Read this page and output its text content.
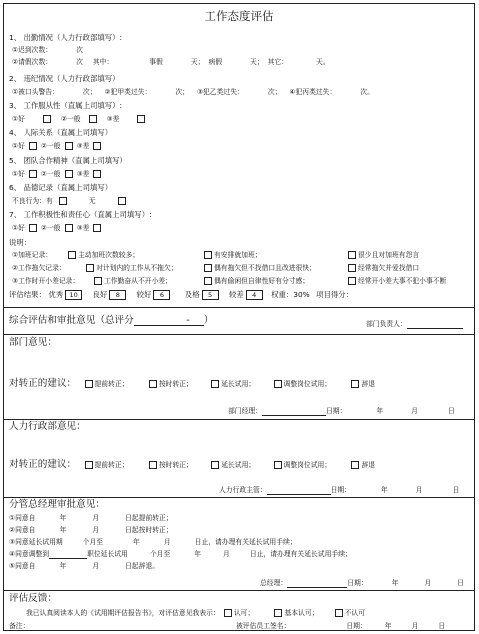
工作态度评估
1、 出勤情况（人力行政部填写）:
①迟到次数：	次
②请假次数：	次 其中：	事假	天； 病假	天； 其它：	天。
2、 违纪情况（人力行政部填写）
①被口头警告：	次； ②犯甲类过失：	次； ③犯乙类过失：	次； ④犯丙类过失：	次。
3、 工作服从性（直属上司填写）:
①好	②一般	③差
4、 人际关系（直属上司填写）
①好 ②一般 ③差
5、 团队合作精神（直属上司填写）
①好 ②一般 ③差
6、 品德记录（直属上司填写）
不良行为：有	无
7、 工作积极性和责任心（直属上司填写）:
①好 ②一般 ③差
说明：
①加班记录：	主动加班次数较多；	有安排就加班；	很少且对加班有怨言
②工作拖欠记录：	对计划内的工作从不拖欠；	偶有拖欠但不找借口且改进很快；	经常拖欠并爱找借口
③工作时开小差记录：	工作勤奋从不开小差；	偶有偷闲但自律性好有分寸感；	经常开小差大事不犯小事不断
评估结果： 优秀 10 良好 8 较好 6	及格 5 较差 4 权重：30% 项目得分：
综合评估和审批意见（总评分	- ）	部门负责人：
部门意见：
对转正的建议：	提前转正；	按时转正；	延长试用；	调整岗位试用；	辞退
部门经理：	日期：	年	月	日
人力行政部意见：
对转正的建议：	提前转正；	按时转正；	延长试用；	调整岗位试用；	辞退
人力行政主管：	日期：	年	月	日
分管总经理审批意见：
①同意自	年	月	日起提前转正；
②同意自	年	月	日起按时转正；
③同意延长试用期	个月至	年	月	日止，请办理有关延长试用手续；
④同意调整到	职位延长试用	个月至	年	月	日止，请办理有关延长试用手续；
⑤同意自	年	月	日起辞退。
总经理：	日期：	年	月	日
评估反馈：
我已认真阅读本人的《试用期评估报告书》，对评估意见我表示： 认可；	基本认可；	不认可
备注：	被评估员工签名：	日期：	年	月	日
